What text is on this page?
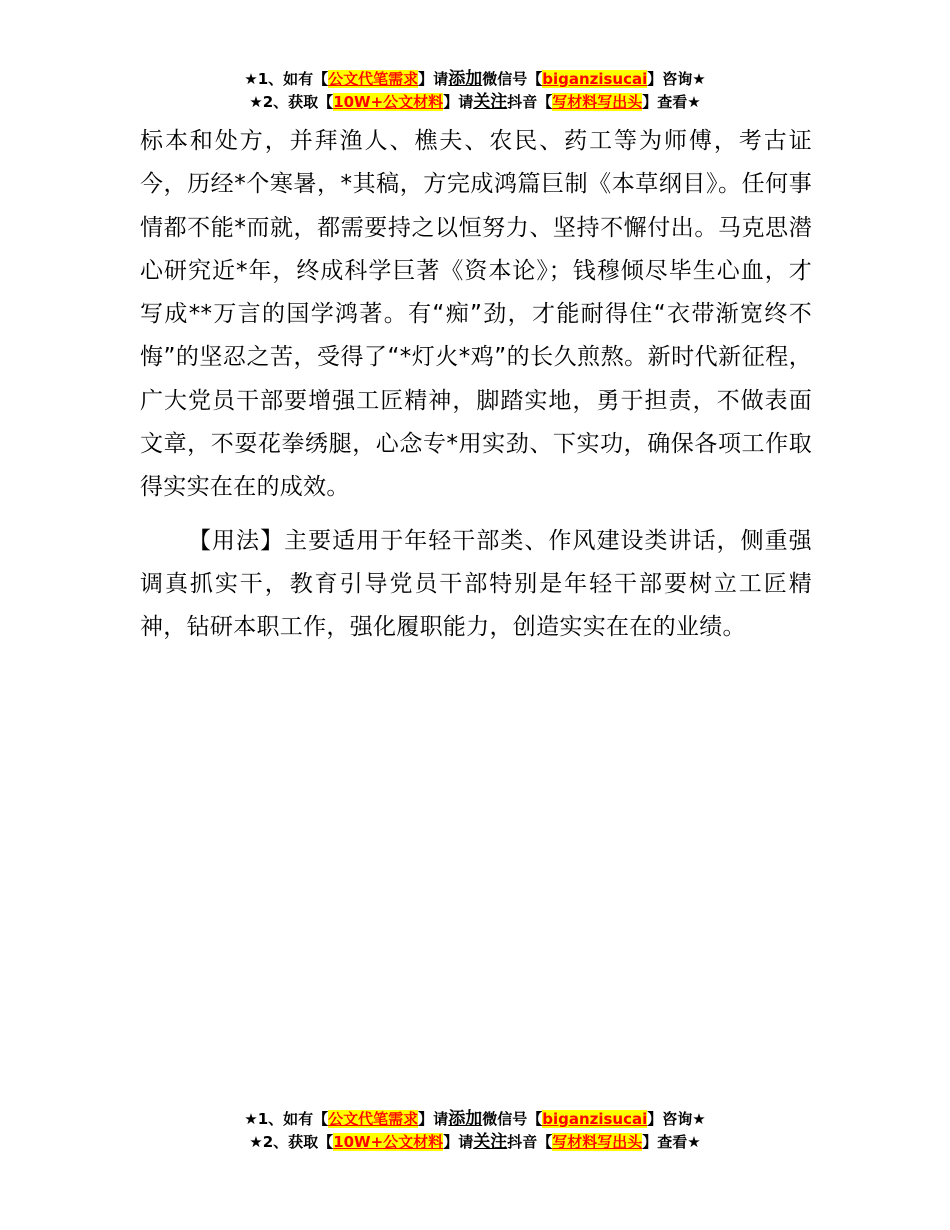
★1、如有【公文代笔需求】请添加微信号【biganzisucai】咨询★
★2、获取【10W+公文材料】请关注抖音【写材料写出头】查看★

标本和处方，并拜渔人、樵夫、农民、药工等为师傅，考古证今，历经*个寒暑，*其稿，方完成鸿篇巨制《本草纲目》。任何事情都不能*而就，都需要持之以恒努力、坚持不懈付出。马克思潜心研究近*年，终成科学巨著《资本论》；钱穆倾尽毕生心血，才写成**万言的国学鸿著。有“痴”劲，才能耐得住“衣带渐宽终不悔”的坚忍之苦，受得了“*灯火*鸡”的长久煎熬。新时代新征程，广大党员干部要增强工匠精神，脚踏实地，勇于担责，不做表面文章，不耍花拳绣腿，心念专*用实劲、下实功，确保各项工作取得实实在在的成效。

【用法】主要适用于年轻干部类、作风建设类讲话，侧重强调真抓实干，教育引导党员干部特别是年轻干部要树立工匠精神，钻研本职工作，强化履职能力，创造实实在在的业绩。

★1、如有【公文代笔需求】请添加微信号【biganzisucai】咨询★
★2、获取【10W+公文材料】请关注抖音【写材料写出头】查看★
